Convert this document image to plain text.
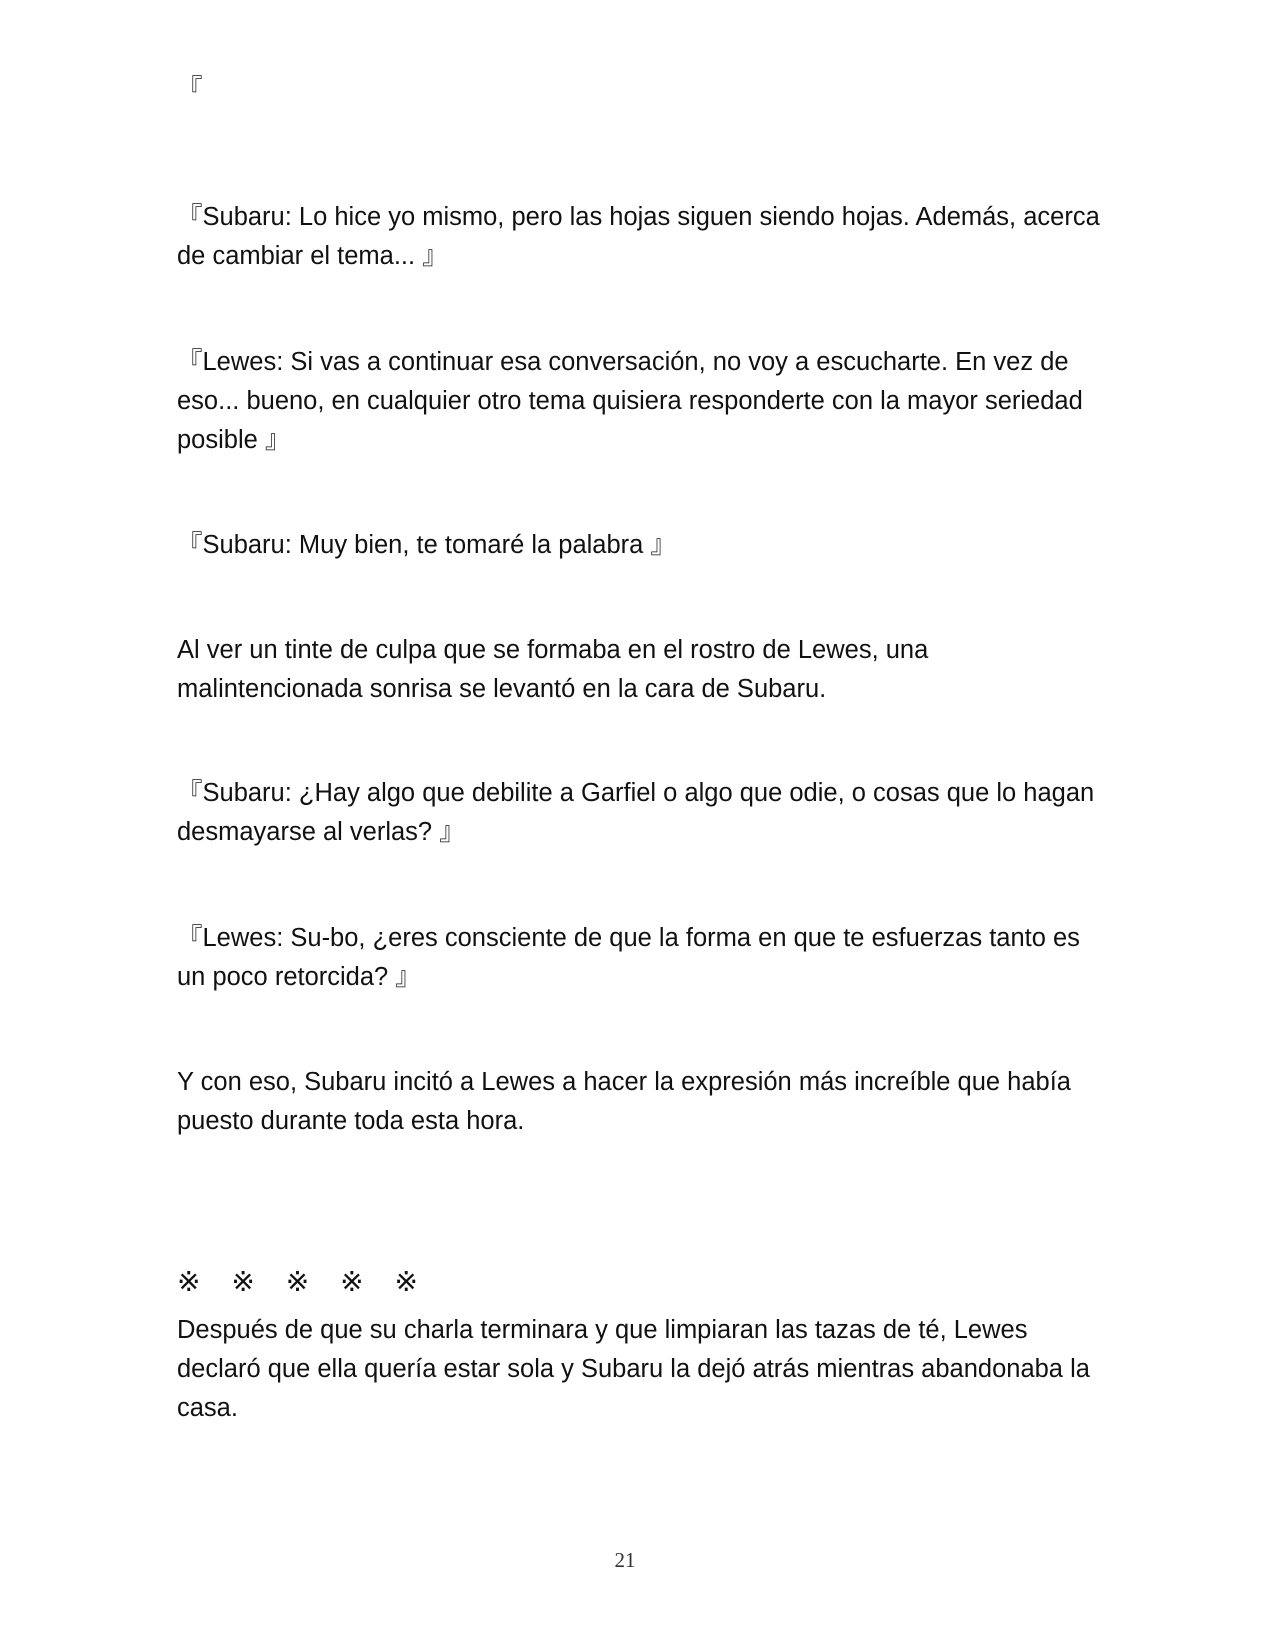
『

『Subaru: Lo hice yo mismo, pero las hojas siguen siendo hojas. Además, acerca de cambiar el tema... 』

『Lewes: Si vas a continuar esa conversación, no voy a escucharte. En vez de eso... bueno, en cualquier otro tema quisiera responderte con la mayor seriedad posible 』

『Subaru: Muy bien, te tomaré la palabra 』

Al ver un tinte de culpa que se formaba en el rostro de Lewes, una malintencionada sonrisa se levantó en la cara de Subaru.

『Subaru: ¿Hay algo que debilite a Garfiel o algo que odie, o cosas que lo hagan desmayarse al verlas? 』

『Lewes: Su-bo, ¿eres consciente de que la forma en que te esfuerzas tanto es un poco retorcida? 』

Y con eso, Subaru incitó a Lewes a hacer la expresión más increíble que había puesto durante toda esta hora.

※ ※ ※ ※ ※

Después de que su charla terminara y que limpiaran las tazas de té, Lewes declaró que ella quería estar sola y Subaru la dejó atrás mientras abandonaba la casa.

21
